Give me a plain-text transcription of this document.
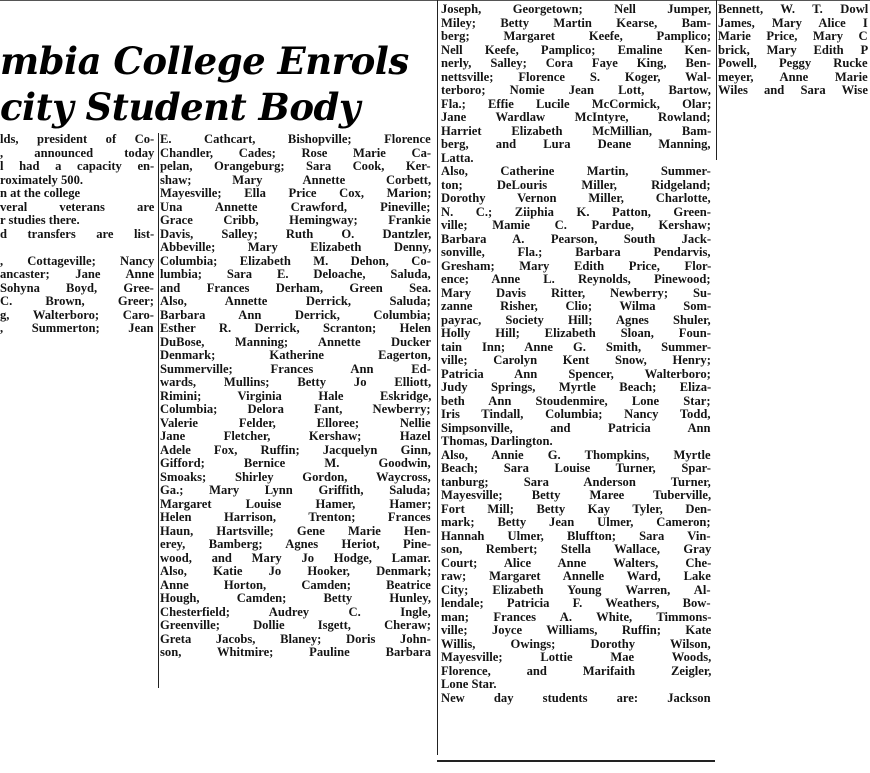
mbia College Enrols
city Student Body
lds, president of Co-
, announced today
l had a capacity en-
roximately 500.
n at the college
veral veterans are
r studies there.
d transfers are list-

, Cottageville; Nancy
ancaster; Jane Anne
Sohyna Boyd, Gree-
C. Brown, Greer;
g, Walterboro; Caro-
, Summerton; Jean
E. Cathcart, Bishopville; Florence
Chandler, Cades; Rose Marie Ca-
pelan, Orangeburg; Sara Cook, Ker-
shaw; Mary Annette Corbett,
Mayesville; Ella Price Cox, Marion;
Una Annette Crawford, Pineville;
Grace Cribb, Hemingway; Frankie
Davis, Salley; Ruth O. Dantzler,
Abbeville; Mary Elizabeth Denny,
Columbia; Elizabeth M. Dehon, Co-
lumbia; Sara E. Deloache, Saluda,
and Frances Derham, Green Sea.
Also, Annette Derrick, Saluda;
Barbara Ann Derrick, Columbia;
Esther R. Derrick, Scranton; Helen
DuBose, Manning; Annette Ducker
Denmark; Katherine Eagerton,
Summerville; Frances Ann Ed-
wards, Mullins; Betty Jo Elliott,
Rimini; Virginia Hale Eskridge,
Columbia; Delora Fant, Newberry;
Valerie Felder, Elloree; Nellie
Jane Fletcher, Kershaw; Hazel
Adele Fox, Ruffin; Jacquelyn Ginn,
Gifford; Bernice M. Goodwin,
Smoaks; Shirley Gordon, Waycross,
Ga.; Mary Lynn Griffith, Saluda;
Margaret Louise Hamer, Hamer;
Helen Harrison, Trenton; Frances
Haun, Hartsville; Gene Marie Hen-
erey, Bamberg; Agnes Heriot, Pine-
wood, and Mary Jo Hodge, Lamar.
Also, Katie Jo Hooker, Denmark;
Anne Horton, Camden; Beatrice
Hough, Camden; Betty Hunley,
Chesterfield; Audrey C. Ingle,
Greenville; Dollie Isgett, Cheraw;
Greta Jacobs, Blaney; Doris John-
son, Whitmire; Pauline Barbara
Joseph, Georgetown; Nell Jumper,
Miley; Betty Martin Kearse, Bam-
berg; Margaret Keefe, Pamplico;
Nell Keefe, Pamplico; Emaline Ken-
nerly, Salley; Cora Faye King, Ben-
nettsville; Florence S. Koger, Wal-
terboro; Nomie Jean Lott, Bartow,
Fla.; Effie Lucile McCormick, Olar;
Jane Wardlaw McIntyre, Rowland;
Harriet Elizabeth McMillian, Bam-
berg, and Lura Deane Manning,
Latta.
Also, Catherine Martin, Summer-
ton; DeLouris Miller, Ridgeland;
Dorothy Vernon Miller, Charlotte,
N. C.; Ziiphia K. Patton, Green-
ville; Mamie C. Pardue, Kershaw;
Barbara A. Pearson, South Jack-
sonville, Fla.; Barbara Pendarvis,
Gresham; Mary Edith Price, Flor-
ence; Anne L. Reynolds, Pinewood;
Mary Davis Ritter, Newberry; Su-
zanne Risher, Clio; Wilma Som-
payrac, Society Hill; Agnes Shuler,
Holly Hill; Elizabeth Sloan, Foun-
tain Inn; Anne G. Smith, Summer-
ville; Carolyn Kent Snow, Henry;
Patricia Ann Spencer, Walterboro;
Judy Springs, Myrtle Beach; Eliza-
beth Ann Stoudenmire, Lone Star;
Iris Tindall, Columbia; Nancy Todd,
Simpsonville, and Patricia Ann
Thomas, Darlington.
Also, Annie G. Thompkins, Myrtle
Beach; Sara Louise Turner, Spar-
tanburg; Sara Anderson Turner,
Mayesville; Betty Maree Tuberville,
Fort Mill; Betty Kay Tyler, Den-
mark; Betty Jean Ulmer, Cameron;
Hannah Ulmer, Bluffton; Sara Vin-
son, Rembert; Stella Wallace, Gray
Court; Alice Anne Walters, Che-
raw; Margaret Annelle Ward, Lake
City; Elizabeth Young Warren, Al-
lendale; Patricia F. Weathers, Bow-
man; Frances A. White, Timmons-
ville; Joyce Williams, Ruffin; Kate
Willis, Owings; Dorothy Wilson,
Mayesville; Lottie Mae Woods,
Florence, and Marifaith Zeigler,
Lone Star.
New day students are: Jackson
Bennett, W. T. Dowl
James, Mary Alice I
Marie Price, Mary C
brick, Mary Edith P
Powell, Peggy Rucke
meyer, Anne Marie
Wiles and Sara Wise
